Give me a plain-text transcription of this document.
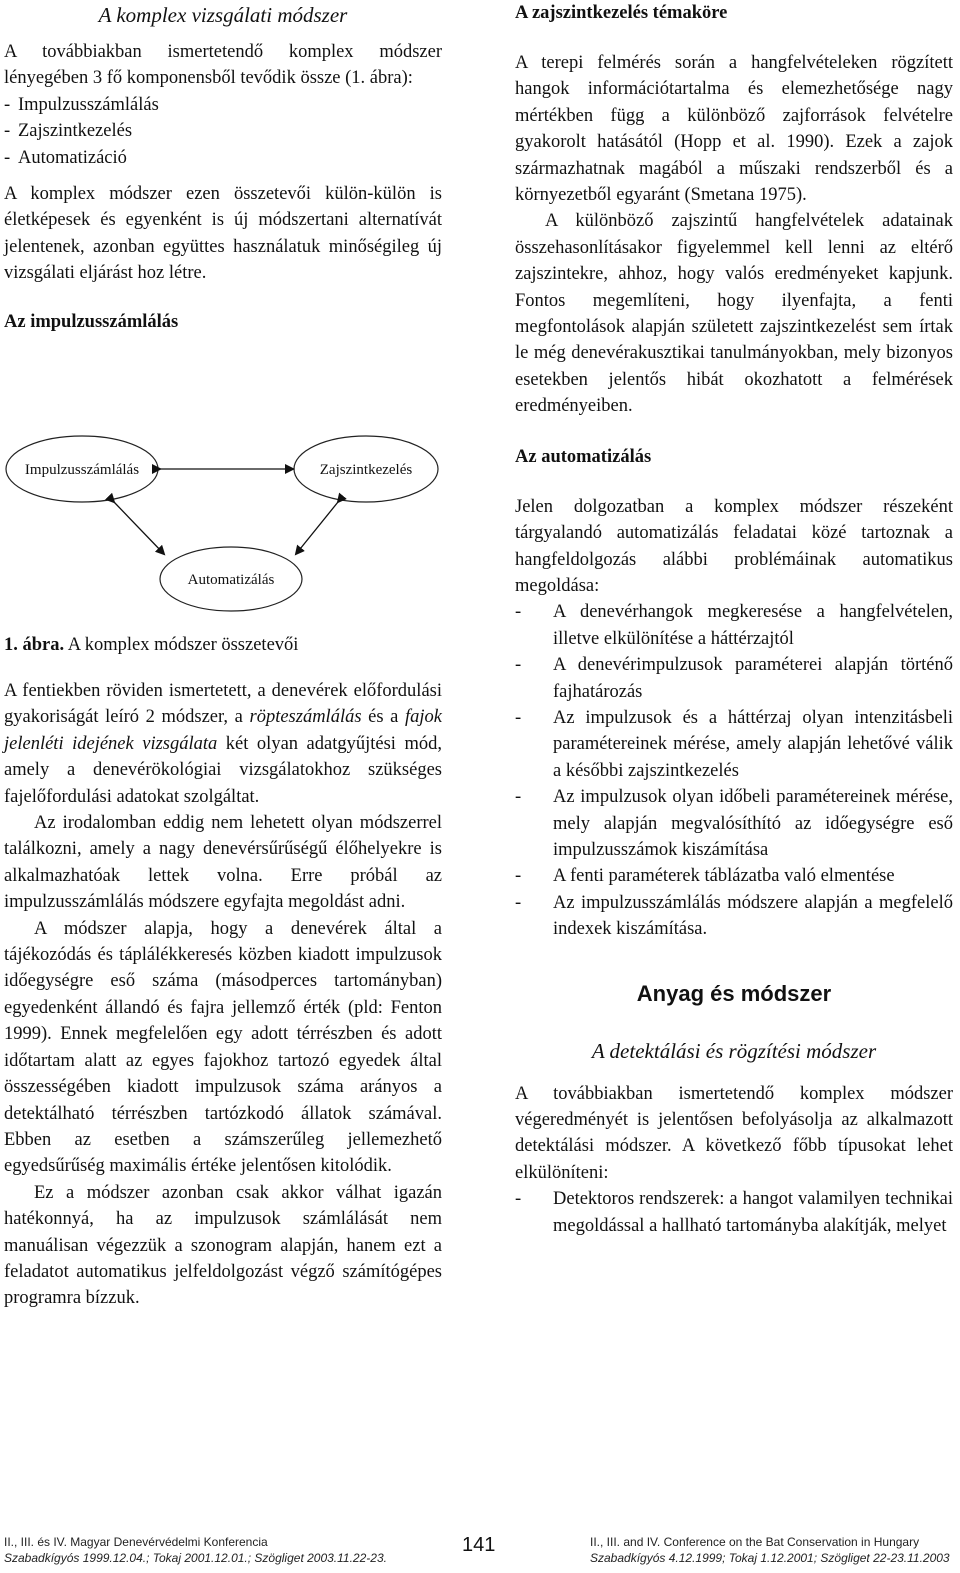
A komplex vizsgálati módszer

A továbbiakban ismertetendő komplex módszer lényegében 3 fő komponensből tevődik össze (1. ábra):

- Impulzusszámlálás
- Zajszintkezelés
- Automatizáció

A komplex módszer ezen összetevői külön-külön is életképesek és egyenként is új módszertani alternatívát jelentenek, azonban együttes használatuk minőségileg új vizsgálati eljárást hoz létre.

Az impulzusszámlálás

Impulzusszámlálás	Zajszintkezelés
Automatizálás

1. ábra. A komplex módszer összetevői

A fentiekben röviden ismertetett, a denevérek előfordulási gyakoriságát leíró 2 módszer, a röpteszámlálás és a fajok jelenléti idejének vizsgálata két olyan adatgyűjtési mód, amely a denevérökológiai vizsgálatokhoz szükséges fajelőfordulási adatokat szolgáltat.

Az irodalomban eddig nem lehetett olyan módszerrel találkozni, amely a nagy denevérsűrűségű élőhelyekre is alkalmazhatóak lettek volna. Erre próbál az impulzusszámlálás módszere egyfajta megoldást adni.

A módszer alapja, hogy a denevérek által a tájékozódás és táplálékkeresés közben kiadott impulzusok időegységre eső száma (másodperces tartományban) egyedenként állandó és fajra jellemző érték (pld: Fenton 1999). Ennek megfelelően egy adott térrészben és adott időtartam alatt az egyes fajokhoz tartozó egyedek által összességében kiadott impulzusok száma arányos a detektálható térrészben tartózkodó állatok számával. Ebben az esetben a számszerűleg jellemezhető egyedsűrűség maximális értéke jelentősen kitolódik.

Ez a módszer azonban csak akkor válhat igazán hatékonnyá, ha az impulzusok számlálását nem manuálisan végezzük a szonogram alapján, hanem ezt a feladatot automatikus jelfeldolgozást végző számítógépes programra bízzuk.

A zajszintkezelés témaköre

A terepi felmérés során a hangfelvételeken rögzített hangok információtartalma és elemezhetősége nagy mértékben függ a különböző zajforrások felvételre gyakorolt hatásától (Hopp et al. 1990). Ezek a zajok származhatnak magából a műszaki rendszerből és a környezetből egyaránt (Smetana 1975).

A különböző zajszintű hangfelvételek adatainak összehasonlításakor figyelemmel kell lenni az eltérő zajszintekre, ahhoz, hogy valós eredményeket kapjunk. Fontos megemlíteni, hogy ilyenfajta, a fenti megfontolások alapján született zajszintkezelést sem írtak le még denevérakusztikai tanulmányokban, mely bizonyos esetekben jelentős hibát okozhatott a felmérések eredményeiben.

Az automatizálás

Jelen dolgozatban a komplex módszer részeként tárgyalandó automatizálás feladatai közé tartoznak a hangfeldolgozás alábbi problémáinak automatikus megoldása:

- A denevérhangok megkeresése a hangfelvételen, illetve elkülönítése a háttérzajtól
- A denevérimpulzusok paraméterei alapján történő fajhatározás
- Az impulzusok és a háttérzaj olyan intenzitásbeli paramétereinek mérése, amely alapján lehetővé válik a későbbi zajszintkezelés
- Az impulzusok olyan időbeli paramétereinek mérése, mely alapján megvalósíthító az időegységre eső impulzusszámok kiszámítása
- A fenti paraméterek táblázatba való elmentése
- Az impulzusszámlálás módszere alapján a megfelelő indexek kiszámítása.

Anyag és módszer

A detektálási és rögzítési módszer

A továbbiakban ismertetendő komplex módszer végeredményét is jelentősen befolyásolja az alkalmazott detektálási módszer. A következő főbb típusokat lehet elkülöníteni:

- Detektoros rendszerek: a hangot valamilyen technikai megoldással a hallható tartományba alakítják, melyet
II., III. és IV. Magyar Denevérvédelmi Konferencia
Szabadkígyós 1999.12.04.; Tokaj 2001.12.01.; Szögliget 2003.11.22-23.
141	II., III. and IV. Conference on the Bat Conservation in Hungary
Szabadkígyós 4.12.1999; Tokaj 1.12.2001; Szögliget 22-23.11.2003
